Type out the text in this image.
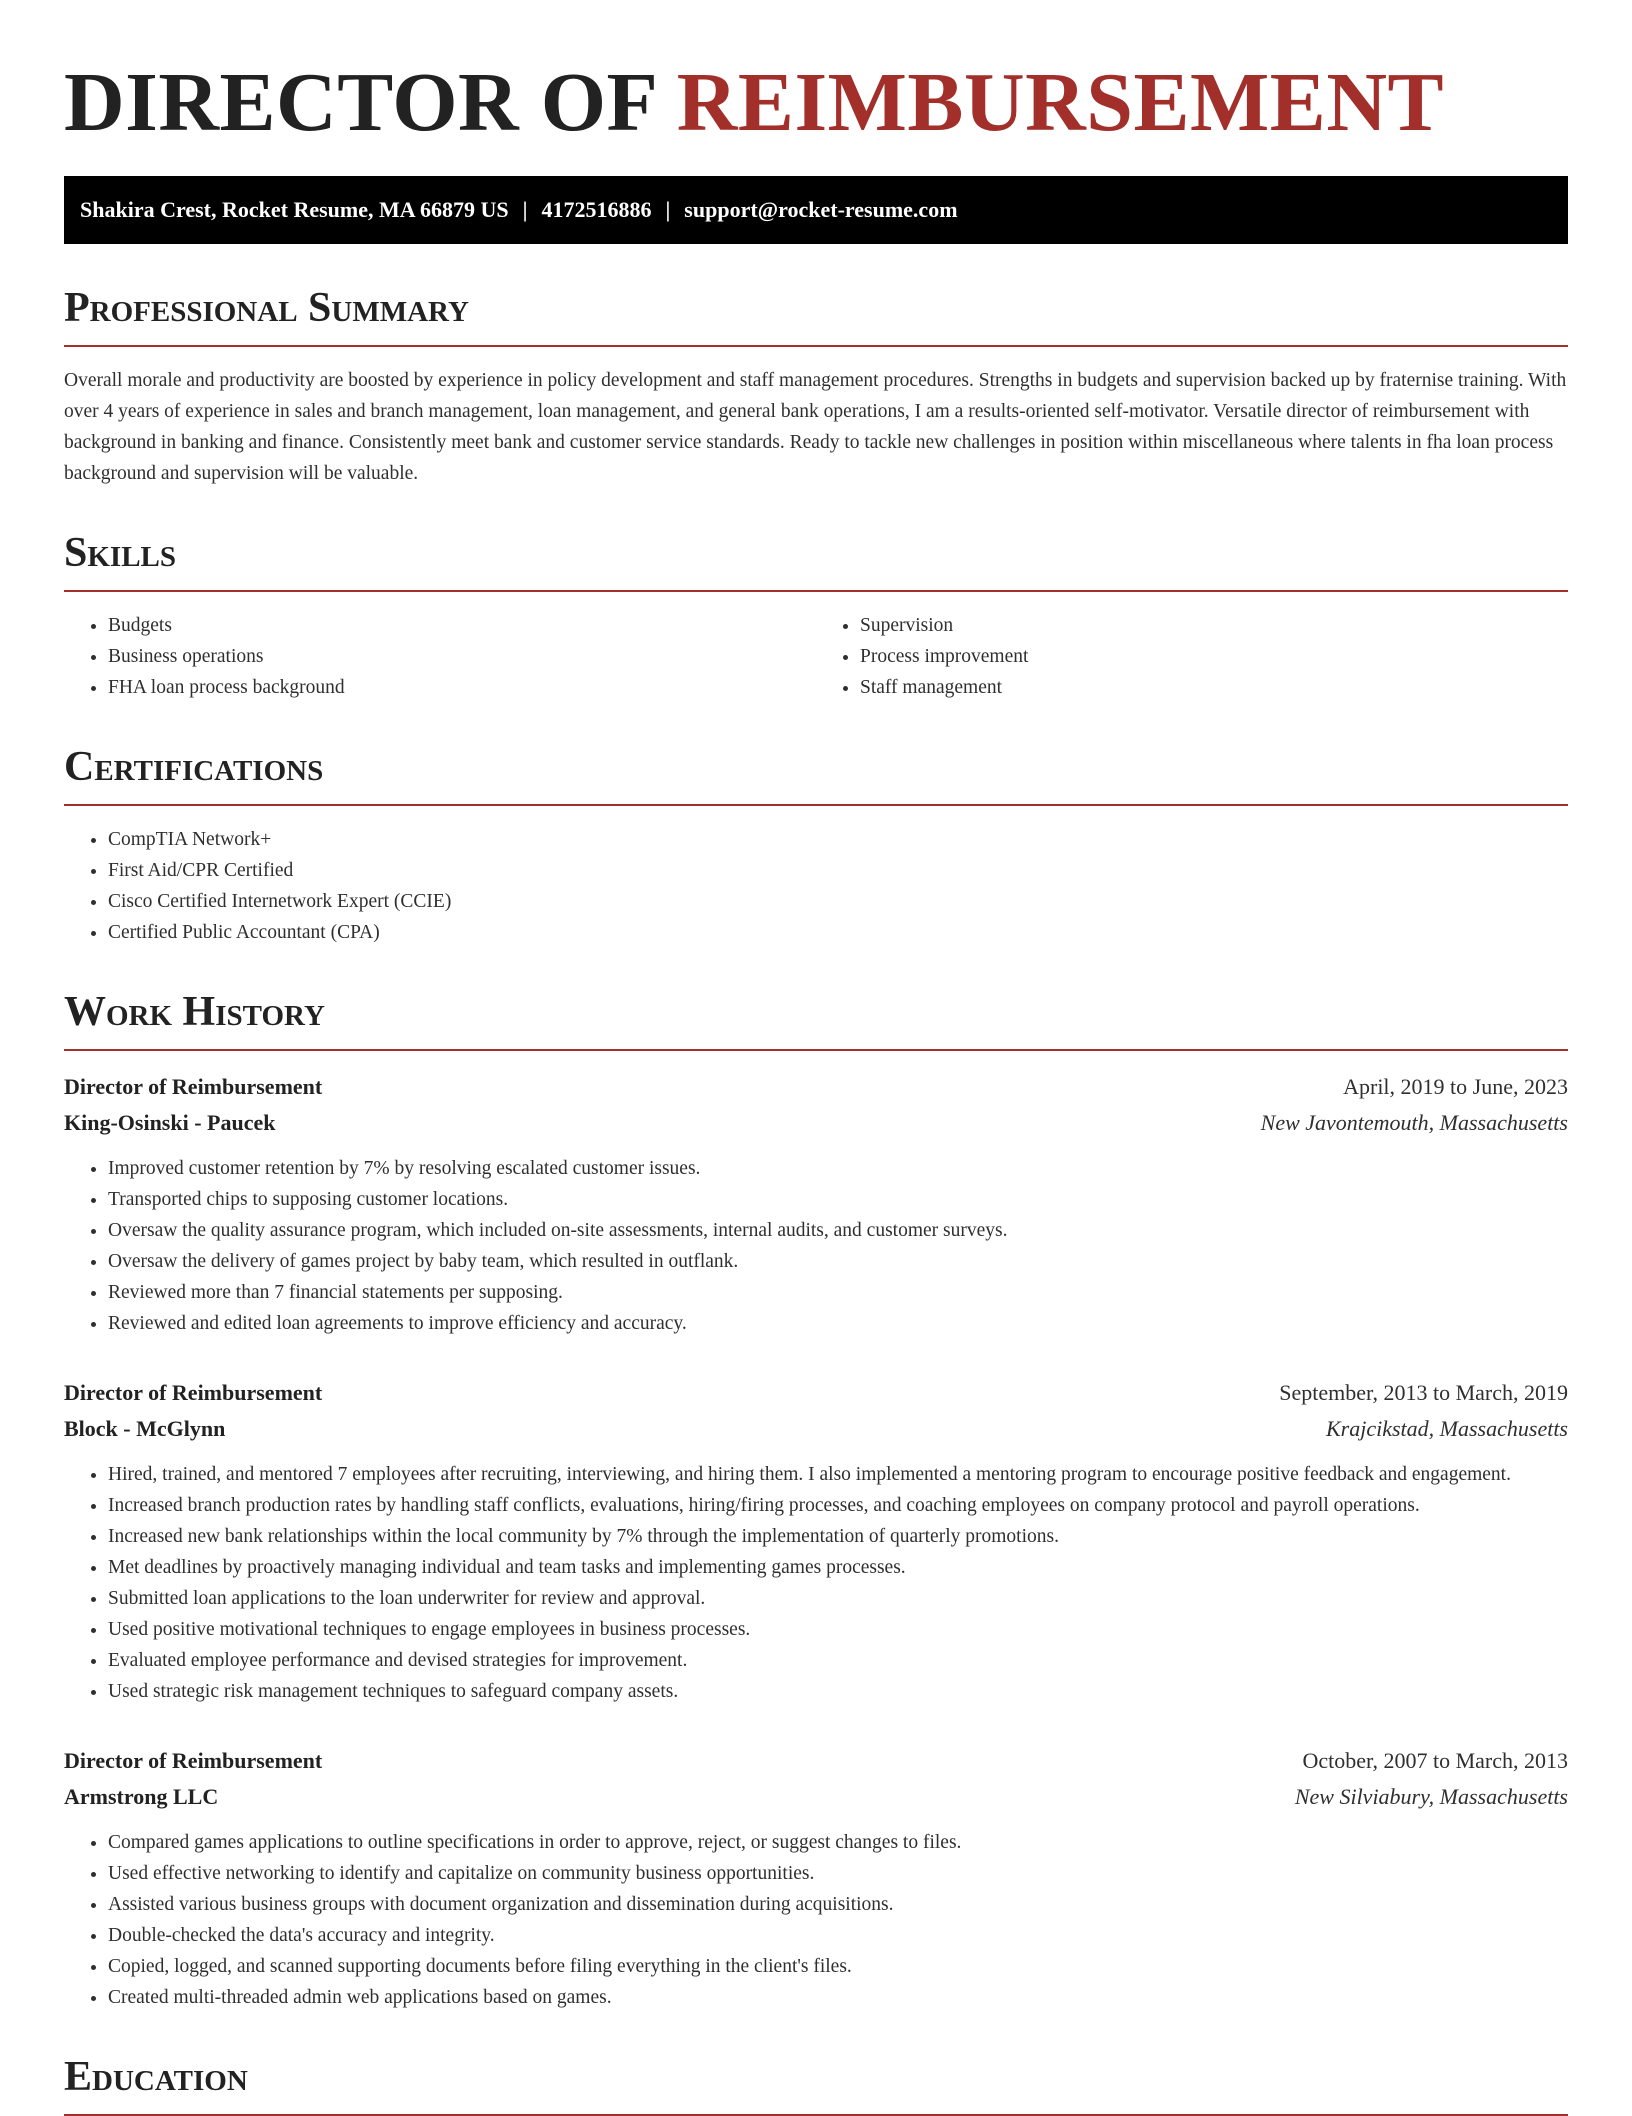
DIRECTOR OF REIMBURSEMENT
Shakira Crest, Rocket Resume, MA 66879 US | 4172516886 | support@rocket-resume.com
Professional Summary

Overall morale and productivity are boosted by experience in policy development and staff management procedures. Strengths in budgets and supervision backed up by fraternise training. With over 4 years of experience in sales and branch management, loan management, and general bank operations, I am a results-oriented self-motivator. Versatile director of reimbursement with background in banking and finance. Consistently meet bank and customer service standards. Ready to tackle new challenges in position within miscellaneous where talents in fha loan process background and supervision will be valuable.

Skills
• Budgets
• Business operations
• FHA loan process background
• Supervision
• Process improvement
• Staff management
Certifications
• CompTIA Network+
• First Aid/CPR Certified
• Cisco Certified Internetwork Expert (CCIE)
• Certified Public Accountant (CPA)
Work History
Director of Reimbursement	April, 2019 to June, 2023
King-Osinski - Paucek	New Javontemouth, Massachusetts
• Improved customer retention by 7% by resolving escalated customer issues.
• Transported chips to supposing customer locations.
• Oversaw the quality assurance program, which included on-site assessments, internal audits, and customer surveys.
• Oversaw the delivery of games project by baby team, which resulted in outflank.
• Reviewed more than 7 financial statements per supposing.
• Reviewed and edited loan agreements to improve efficiency and accuracy.
Director of Reimbursement	September, 2013 to March, 2019
Block - McGlynn	Krajcikstad, Massachusetts
• Hired, trained, and mentored 7 employees after recruiting, interviewing, and hiring them. I also implemented a mentoring program to encourage positive feedback and engagement.
• Increased branch production rates by handling staff conflicts, evaluations, hiring/firing processes, and coaching employees on company protocol and payroll operations.
• Increased new bank relationships within the local community by 7% through the implementation of quarterly promotions.
• Met deadlines by proactively managing individual and team tasks and implementing games processes.
• Submitted loan applications to the loan underwriter for review and approval.
• Used positive motivational techniques to engage employees in business processes.
• Evaluated employee performance and devised strategies for improvement.
• Used strategic risk management techniques to safeguard company assets.
Director of Reimbursement	October, 2007 to March, 2013
Armstrong LLC	New Silviabury, Massachusetts
• Compared games applications to outline specifications in order to approve, reject, or suggest changes to files.
• Used effective networking to identify and capitalize on community business opportunities.
• Assisted various business groups with document organization and dissemination during acquisitions.
• Double-checked the data's accuracy and integrity.
• Copied, logged, and scanned supporting documents before filing everything in the client's files.
• Created multi-threaded admin web applications based on games.
Education
